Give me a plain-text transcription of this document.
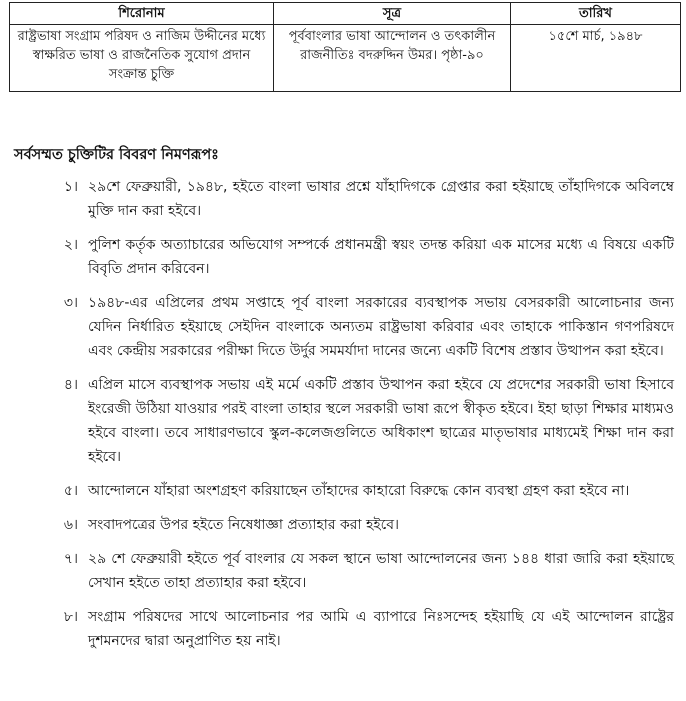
শিরোনাম	সূত্র	তারিখ
রাষ্ট্রভাষা সংগ্রাম পরিষদ ও নাজিম উদ্দীনের মধ্যে স্বাক্ষরিত ভাষা ও রাজনৈতিক সুযোগ প্রদান সংক্রান্ত চুক্তি	পূর্ববাংলার ভাষা আন্দোলন ও তৎকালীন রাজনীতিঃ বদরুদ্দিন উমর। পৃষ্ঠা-৯০	১৫শে মার্চ, ১৯৪৮
সর্বসম্মত চুক্তিটির বিবরণ নিমণরূপঃ
১। ২৯শে ফেব্রুয়ারী, ১৯৪৮, হইতে বাংলা ভাষার প্রশ্নে যাঁহাদিগকে গ্রেপ্তার করা হইয়াছে তাঁহাদিগকে অবিলম্বে মুক্তি দান করা হইবে।
২। পুলিশ কর্তৃক অত্যাচারের অভিযোগ সম্পর্কে প্রধানমন্ত্রী স্বয়ং তদন্ত করিয়া এক মাসের মধ্যে এ বিষয়ে একটি বিবৃতি প্রদান করিবেন।
৩। ১৯৪৮-এর এপ্রিলের প্রথম সপ্তাহে পূর্ব বাংলা সরকারের ব্যবস্থাপক সভায় বেসরকারী আলোচনার জন্য যেদিন নির্ধারিত হইয়াছে সেইদিন বাংলাকে অন্যতম রাষ্ট্রভাষা করিবার এবং তাহাকে পাকিস্তান গণপরিষদে এবং কেন্দ্রীয় সরকারের পরীক্ষা দিতে উর্দুর সমমর্যাদা দানের জন্যে একটি বিশেষ প্রস্তাব উত্থাপন করা হইবে।
৪। এপ্রিল মাসে ব্যবস্থাপক সভায় এই মর্মে একটি প্রস্তাব উত্থাপন করা হইবে যে প্রদেশের সরকারী ভাষা হিসাবে ইংরেজী উঠিয়া যাওয়ার পরই বাংলা তাহার স্থলে সরকারী ভাষা রূপে স্বীকৃত হইবে। ইহা ছাড়া শিক্ষার মাধ্যমও হইবে বাংলা। তবে সাধারণভাবে স্কুল-কলেজগুলিতে অধিকাংশ ছাত্রের মাতৃভাষার মাধ্যমেই শিক্ষা দান করা হইবে।
৫। আন্দোলনে যাঁহারা অংশগ্রহণ করিয়াছেন তাঁহাদের কাহারো বিরুদ্ধে কোন ব্যবস্থা গ্রহণ করা হইবে না।
৬। সংবাদপত্রের উপর হইতে নিষেধাজ্ঞা প্রত্যাহার করা হইবে।
৭। ২৯ শে ফেব্রুয়ারী হইতে পূর্ব বাংলার যে সকল স্থানে ভাষা আন্দোলনের জন্য ১৪৪ ধারা জারি করা হইয়াছে সেখান হইতে তাহা প্রত্যাহার করা হইবে।
৮। সংগ্রাম পরিষদের সাথে আলোচনার পর আমি এ ব্যাপারে নিঃসন্দেহ হইয়াছি যে এই আন্দোলন রাষ্ট্রের দুশমনদের দ্বারা অনুপ্রাণিত হয় নাই।
